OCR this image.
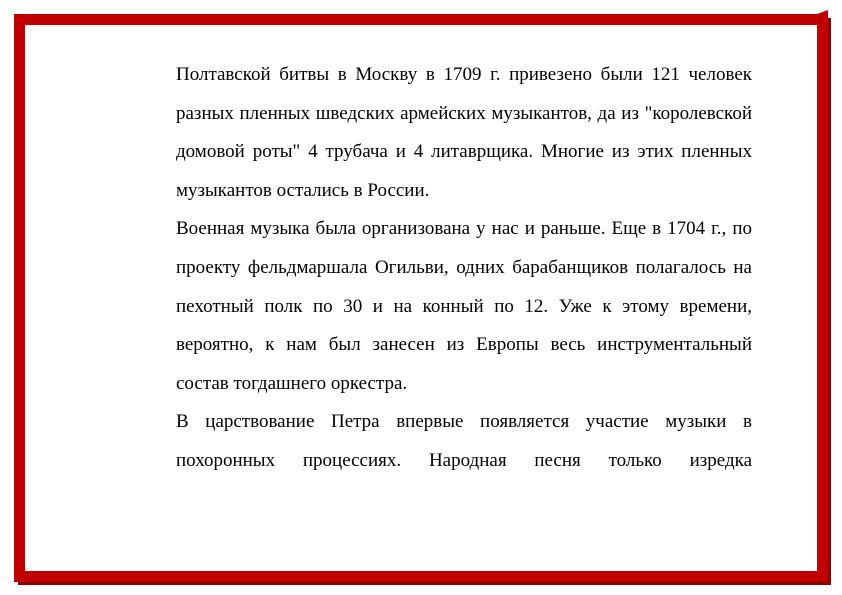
Полтавской битвы в Москву в 1709 г. привезено были 121 человек разных пленных шведских армейских музыкантов, да из "королевской домовой роты" 4 трубача и 4 литаврщика. Многие из этих пленных музыкантов остались в России.

Военная музыка была организована у нас и раньше. Еще в 1704 г., по проекту фельдмаршала Огильви, одних барабанщиков полагалось на пехотный полк по 30 и на конный по 12. Уже к этому времени, вероятно, к нам был занесен из Европы весь инструментальный состав тогдашнего оркестра.

В царствование Петра впервые появляется участие музыки в похоронных процессиях. Народная песня только изредка
